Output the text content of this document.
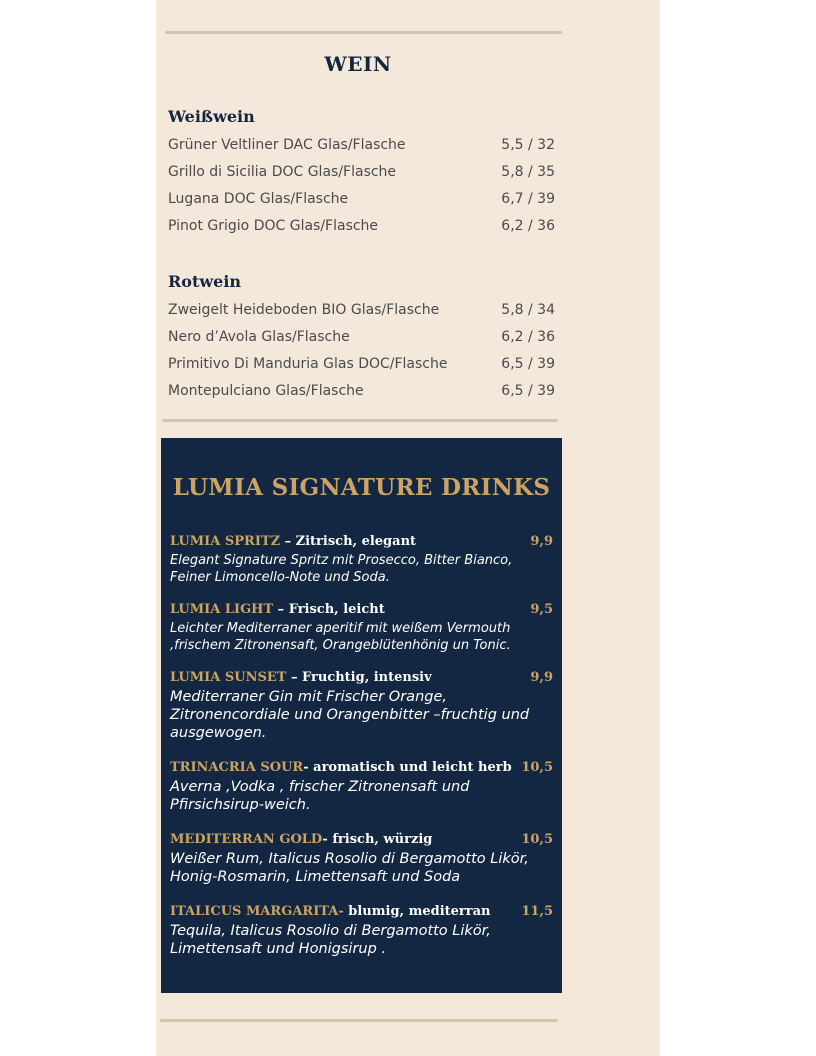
WEIN
Weißwein
Grüner Veltliner DAC Glas/Flasche	5,5 / 32
Grillo di Sicilia DOC Glas/Flasche	5,8 / 35
Lugana DOC Glas/Flasche	6,7 / 39
Pinot Grigio DOC Glas/Flasche	6,2 / 36
Rotwein
Zweigelt Heideboden BIO Glas/Flasche	5,8 / 34
Nero d’Avola Glas/Flasche	6,2 / 36
Primitivo Di Manduria Glas DOC/Flasche	6,5 / 39
Montepulciano Glas/Flasche	6,5 / 39
LUMIA SIGNATURE DRINKS
LUMIA SPRITZ – Zitrisch, elegant	9,9
Elegant Signature Spritz mit Prosecco, Bitter Bianco, Feiner Limoncello-Note und Soda.
LUMIA LIGHT – Frisch, leicht	9,5
Leichter Mediterraner aperitif mit weißem Vermouth ,frischem Zitronensaft, Orangeblütenhönig un Tonic.
LUMIA SUNSET – Fruchtig, intensiv	9,9
Mediterraner Gin mit Frischer Orange, Zitronencordiale und Orangenbitter –fruchtig und ausgewogen.
TRINACRIA SOUR- aromatisch und leicht herb 10,5
Averna ,Vodka , frischer Zitronensaft und Pfirsichsirup-weich.
MEDITERRAN GOLD- frisch, würzig	10,5
Weißer Rum, Italicus Rosolio di Bergamotto Likör, Honig-Rosmarin, Limettensaft und Soda
ITALICUS MARGARITA- blumig, mediterran 11,5
Tequila, Italicus Rosolio di Bergamotto Likör, Limettensaft und Honigsirup .
